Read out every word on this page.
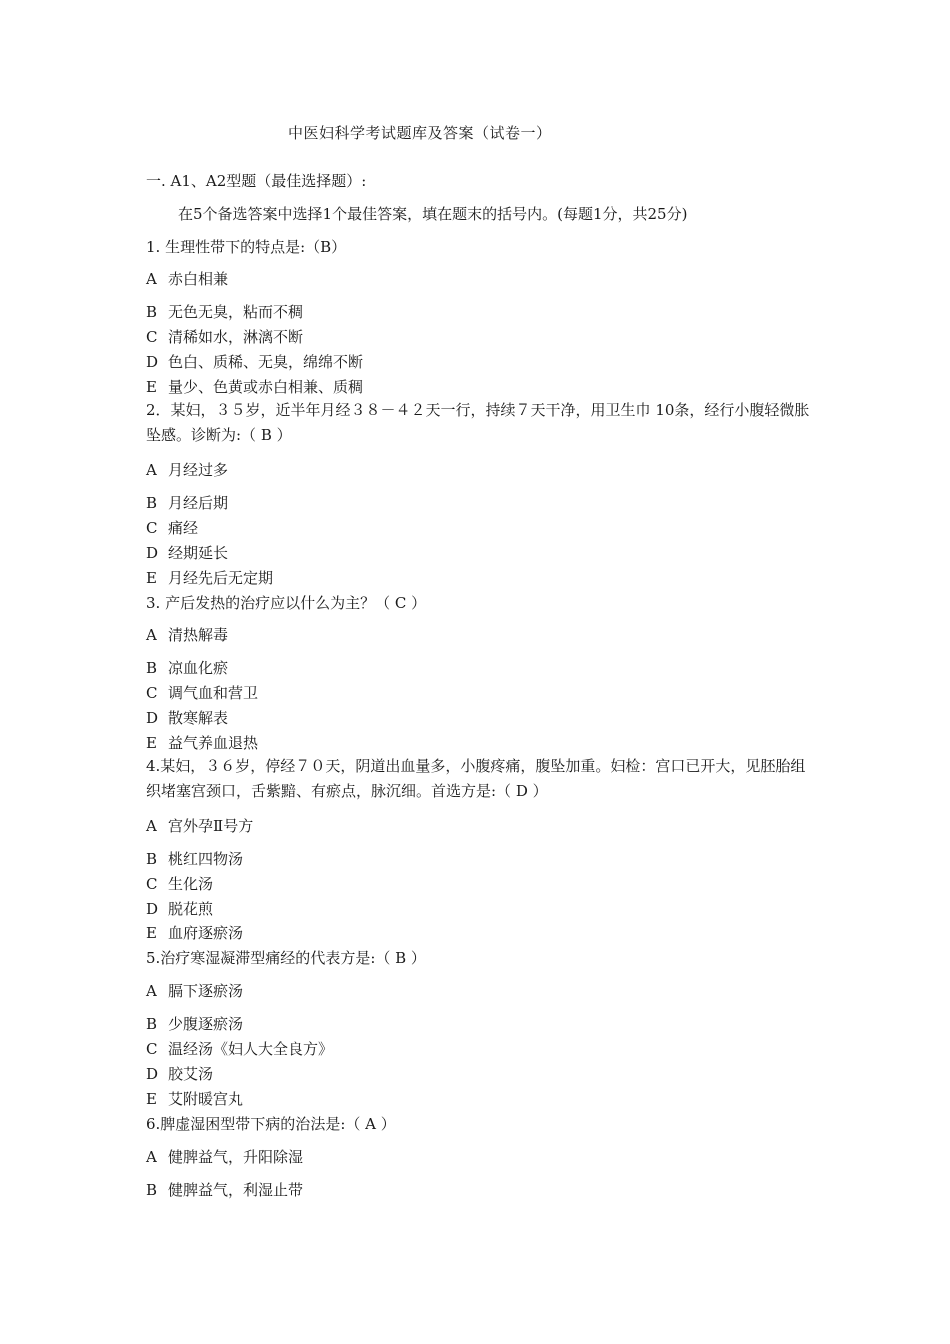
中医妇科学考试题库及答案（试卷一）
一. A1、A2型题（最佳选择题）:
在5个备选答案中选择1个最佳答案，填在题末的括号内。(每题1分，共25分)
1. 生理性带下的特点是:（B）
A 赤白相兼
B 无色无臭，粘而不稠
C 清稀如水，淋漓不断
D 色白、质稀、无臭，绵绵不断
E 量少、色黄或赤白相兼、质稠
2．某妇，３５岁，近半年月经３８－４２天一行，持续７天干净，用卫生巾 10条，经行小腹轻微胀坠感。诊断为:（ B ）
A 月经过多
B 月经后期
C 痛经
D 经期延长
E 月经先后无定期
3. 产后发热的治疗应以什么为主？（ C ）
A 清热解毒
B 凉血化瘀
C 调气血和营卫
D 散寒解表
E 益气养血退热
4.某妇，３６岁，停经７０天，阴道出血量多，小腹疼痛，腹坠加重。妇检：宫口已开大，见胚胎组织堵塞宫颈口，舌紫黯、有瘀点，脉沉细。首选方是:（ D ）
A 宫外孕Ⅱ号方
B 桃红四物汤
C 生化汤
D 脱花煎
E 血府逐瘀汤
5.治疗寒湿凝滞型痛经的代表方是:（ B ）
A 膈下逐瘀汤
B 少腹逐瘀汤
C 温经汤《妇人大全良方》
D 胶艾汤
E 艾附暖宫丸
6.脾虚湿困型带下病的治法是:（ A ）
A 健脾益气，升阳除湿
B 健脾益气，利湿止带
